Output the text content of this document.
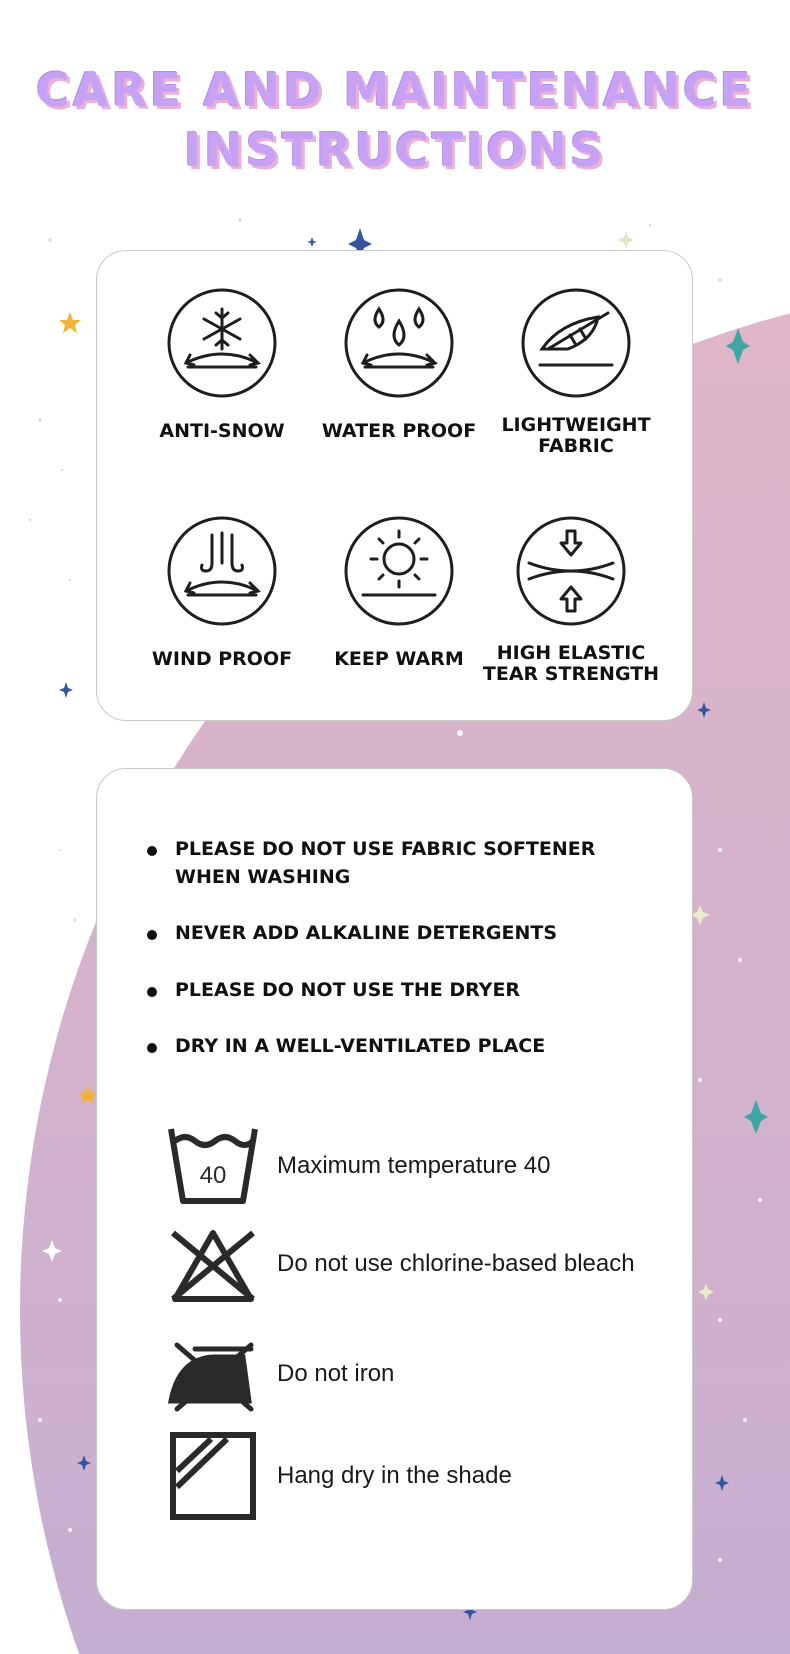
CARE AND MAINTENANCE
INSTRUCTIONS
ANTI-SNOW	WATER PROOF	LIGHTWEIGHT
FABRIC
WIND PROOF	KEEP WARM	HIGH ELASTIC
TEAR STRENGTH
PLEASE DO NOT USE FABRIC SOFTENER WHEN WASHING
NEVER ADD ALKALINE DETERGENTS
PLEASE DO NOT USE THE DRYER
DRY IN A WELL-VENTILATED PLACE
40 Maximum temperature 40
Do not use chlorine-based bleach
Do not iron
Hang dry in the shade
